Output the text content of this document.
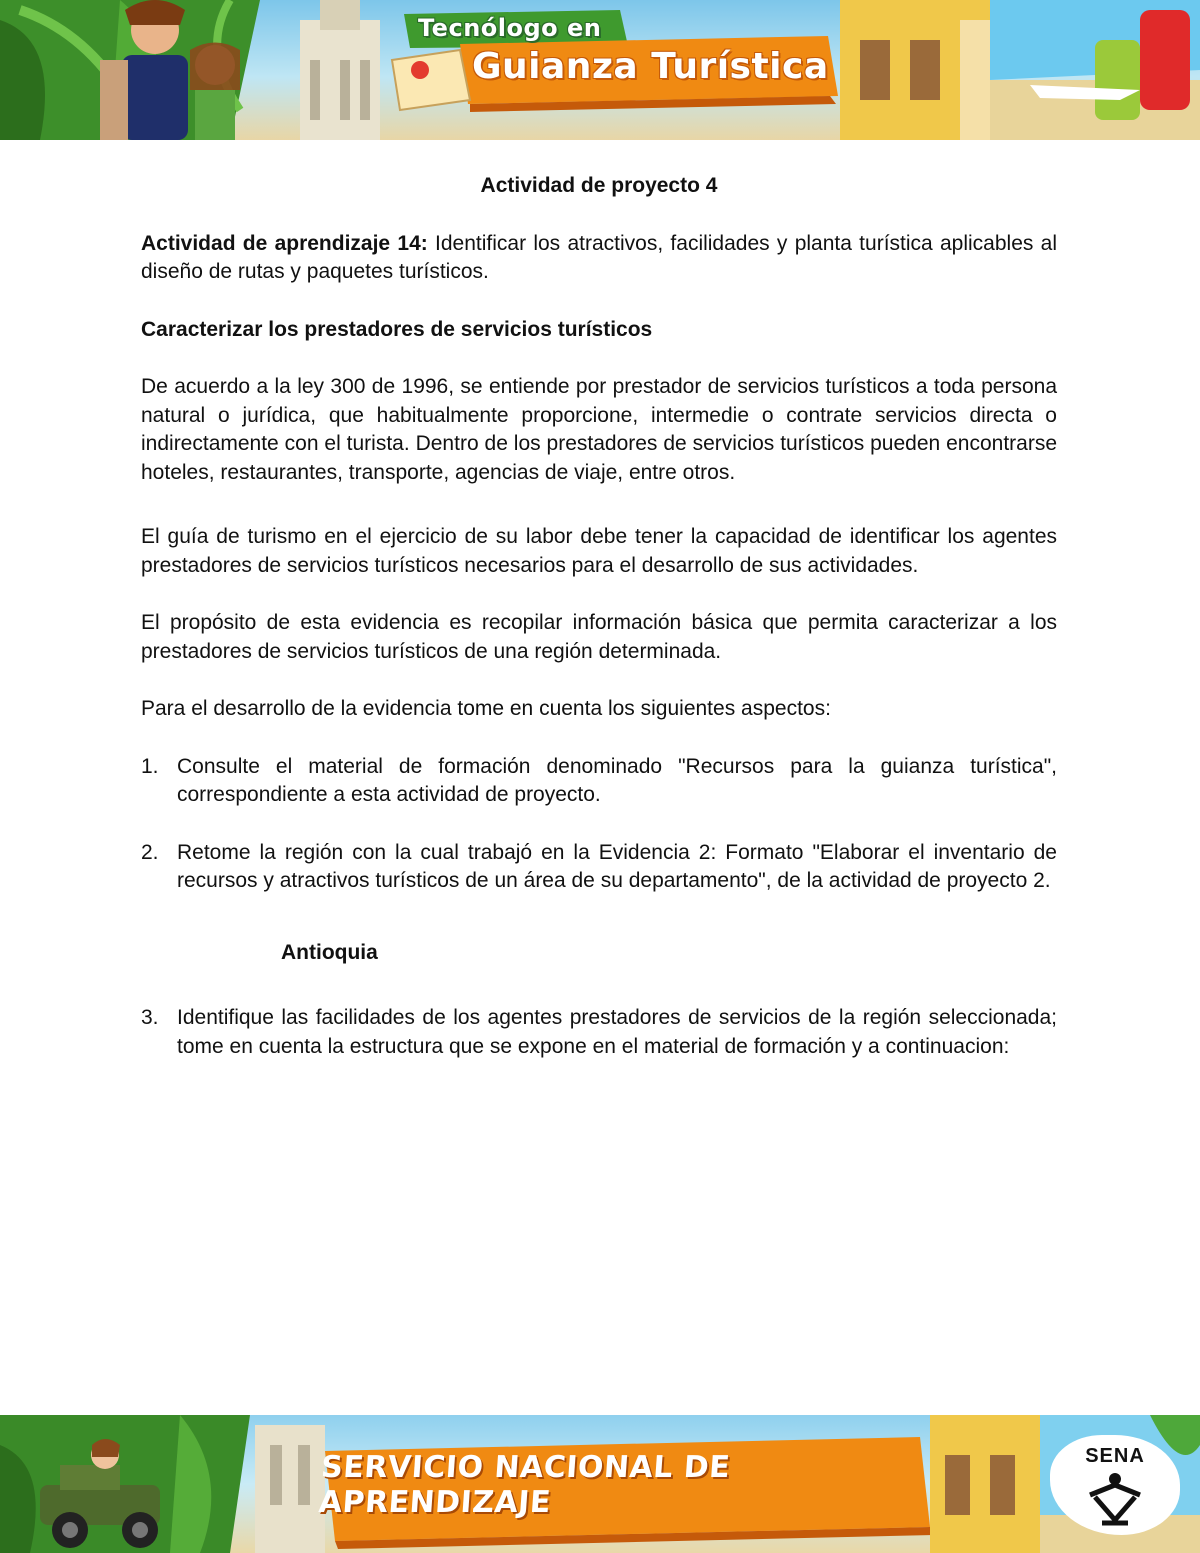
Tecnólogo en
Guianza Turística

Actividad de proyecto 4

Actividad de aprendizaje 14: Identificar los atractivos, facilidades y planta turística aplicables al diseño de rutas y paquetes turísticos.

Caracterizar los prestadores de servicios turísticos

De acuerdo a la ley 300 de 1996, se entiende por prestador de servicios turísticos a toda persona natural o jurídica, que habitualmente proporcione, intermedie o contrate servicios directa o indirectamente con el turista. Dentro de los prestadores de servicios turísticos pueden encontrarse hoteles, restaurantes, transporte, agencias de viaje, entre otros.

El guía de turismo en el ejercicio de su labor debe tener la capacidad de identificar los agentes prestadores de servicios turísticos necesarios para el desarrollo de sus actividades.

El propósito de esta evidencia es recopilar información básica que permita caracterizar a los prestadores de servicios turísticos de una región determinada.

Para el desarrollo de la evidencia tome en cuenta los siguientes aspectos:

1. Consulte el material de formación denominado "Recursos para la guianza turística", correspondiente a esta actividad de proyecto.
2. Retome la región con la cual trabajó en la Evidencia 2: Formato "Elaborar el inventario de recursos y atractivos turísticos de un área de su departamento", de la actividad de proyecto 2.

Antioquia

3. Identifique las facilidades de los agentes prestadores de servicios de la región seleccionada; tome en cuenta la estructura que se expone en el material de formación y a continuacion:
SERVICIO NACIONAL DE APRENDIZAJE
SENA
